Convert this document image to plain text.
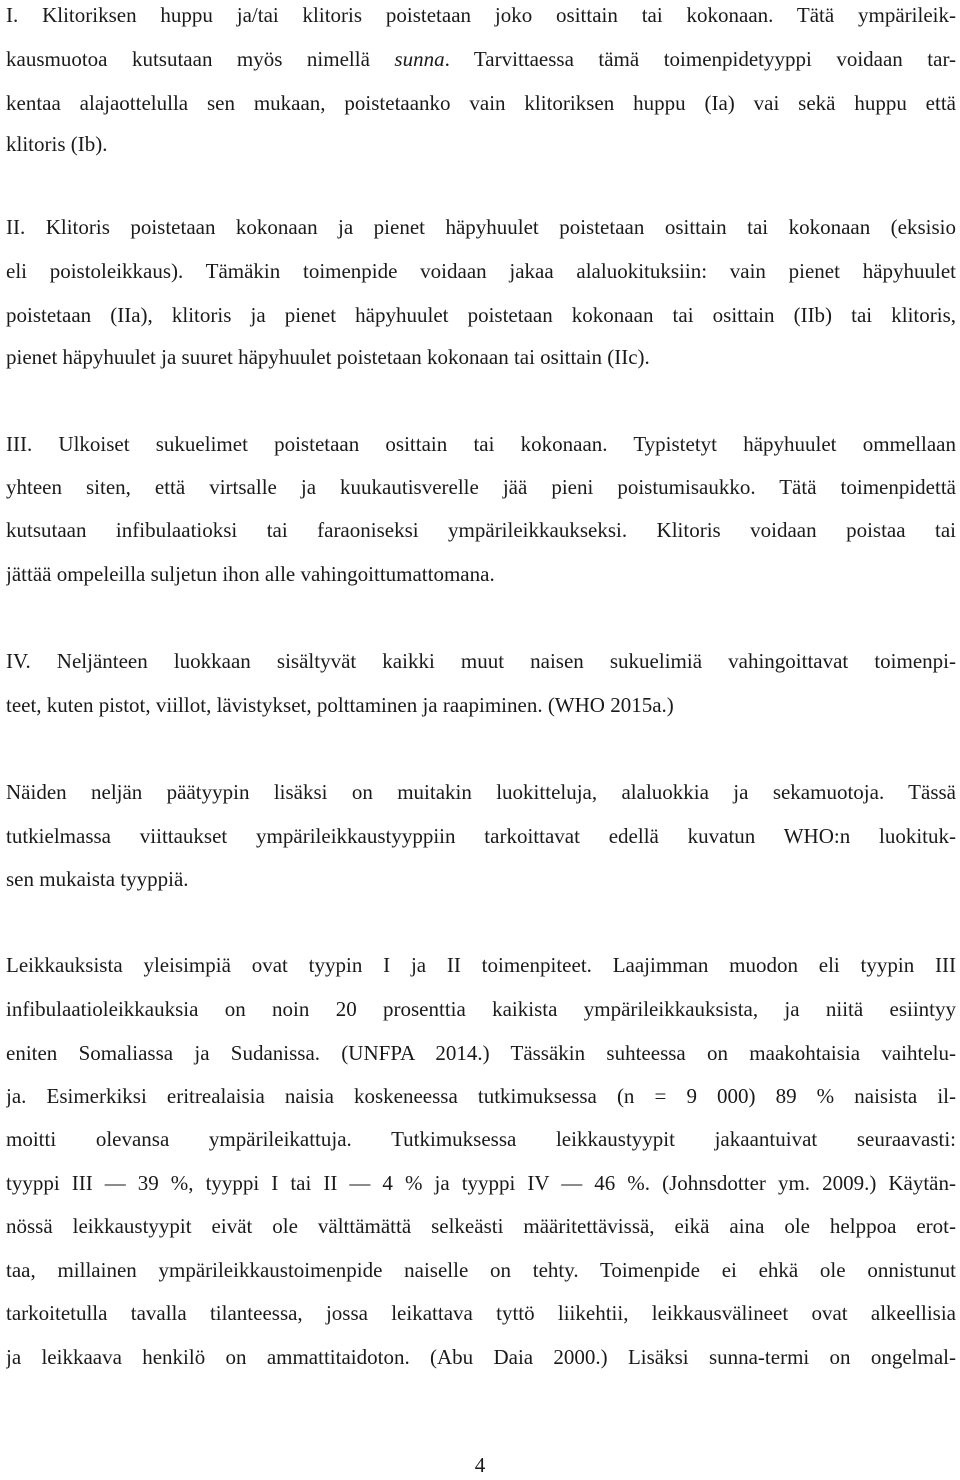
I. Klitoriksen huppu ja/tai klitoris poistetaan joko osittain tai kokonaan. Tätä ympärileik-
kausmuotoa kutsutaan myös nimellä sunna. Tarvittaessa tämä toimenpidetyyppi voidaan tar-
kentaa alajaottelulla sen mukaan, poistetaanko vain klitoriksen huppu (Ia) vai sekä huppu että
klitoris (Ib).
II. Klitoris poistetaan kokonaan ja pienet häpyhuulet poistetaan osittain tai kokonaan (eksisio
eli poistoleikkaus). Tämäkin toimenpide voidaan jakaa alaluokituksiin: vain pienet häpyhuulet
poistetaan (IIa), klitoris ja pienet häpyhuulet poistetaan kokonaan tai osittain (IIb) tai klitoris,
pienet häpyhuulet ja suuret häpyhuulet poistetaan kokonaan tai osittain (IIc).
III. Ulkoiset sukuelimet poistetaan osittain tai kokonaan. Typistetyt häpyhuulet ommellaan
yhteen siten, että virtsalle ja kuukautisverelle jää pieni poistumisaukko. Tätä toimenpidettä
kutsutaan infibulaatioksi tai faraoniseksi ympärileikkaukseksi. Klitoris voidaan poistaa tai
jättää ompeleilla suljetun ihon alle vahingoittumattomana.
IV. Neljänteen luokkaan sisältyvät kaikki muut naisen sukuelimiä vahingoittavat toimenpi-
teet, kuten pistot, viillot, lävistykset, polttaminen ja raapiminen. (WHO 2015a.)
Näiden neljän päätyypin lisäksi on muitakin luokitteluja, alaluokkia ja sekamuotoja. Tässä
tutkielmassa viittaukset ympärileikkaustyyppiin tarkoittavat edellä kuvatun WHO:n luokituk-
sen mukaista tyyppiä.
Leikkauksista yleisimpiä ovat tyypin I ja II toimenpiteet. Laajimman muodon eli tyypin III
infibulaatioleikkauksia on noin 20 prosenttia kaikista ympärileikkauksista, ja niitä esiintyy
eniten Somaliassa ja Sudanissa. (UNFPA 2014.) Tässäkin suhteessa on maakohtaisia vaihtelu-
ja. Esimerkiksi eritrealaisia naisia koskeneessa tutkimuksessa (n = 9 000) 89 % naisista il-
moitti olevansa ympärileikattuja. Tutkimuksessa leikkaustyypit jakaantuivat seuraavasti:
tyyppi III — 39 %, tyyppi I tai II — 4 % ja tyyppi IV — 46 %. (Johnsdotter ym. 2009.) Käytän-
nössä leikkaustyypit eivät ole välttämättä selkeästi määritettävissä, eikä aina ole helppoa erot-
taa, millainen ympärileikkaustoimenpide naiselle on tehty. Toimenpide ei ehkä ole onnistunut
tarkoitetulla tavalla tilanteessa, jossa leikattava tyttö liikehtii, leikkausvälineet ovat alkeellisia
ja leikkaava henkilö on ammattitaidoton. (Abu Daia 2000.) Lisäksi sunna-termi on ongelmal-
4
